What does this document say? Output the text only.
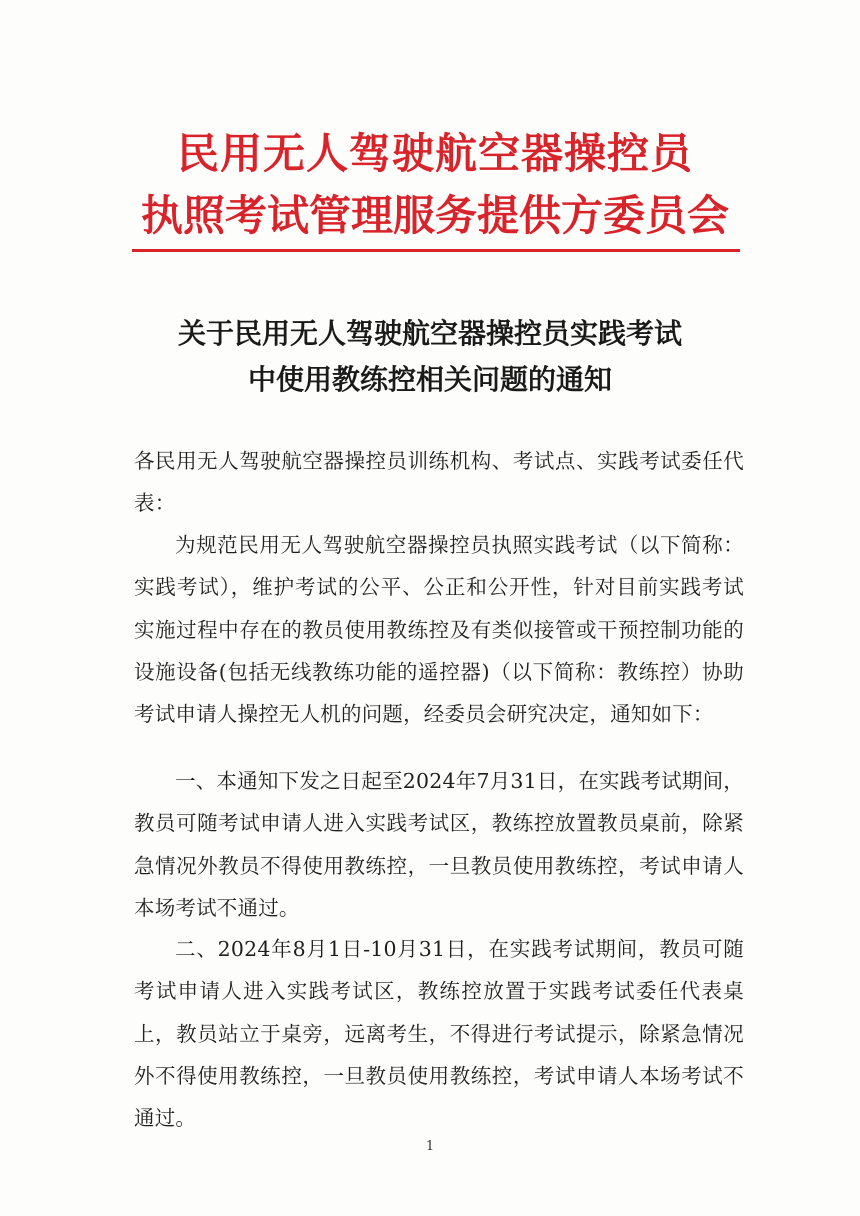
民用无人驾驶航空器操控员
执照考试管理服务提供方委员会
关于民用无人驾驶航空器操控员实践考试
中使用教练控相关问题的通知
各民用无人驾驶航空器操控员训练机构、考试点、实践考试委任代表：
为规范民用无人驾驶航空器操控员执照实践考试（以下简称：实践考试），维护考试的公平、公正和公开性，针对目前实践考试实施过程中存在的教员使用教练控及有类似接管或干预控制功能的设施设备(包括无线教练功能的遥控器)（以下简称：教练控）协助考试申请人操控无人机的问题，经委员会研究决定，通知如下：
一、本通知下发之日起至2024年7月31日，在实践考试期间，教员可随考试申请人进入实践考试区，教练控放置教员桌前，除紧急情况外教员不得使用教练控，一旦教员使用教练控，考试申请人本场考试不通过。
二、2024年8月1日-10月31日，在实践考试期间，教员可随考试申请人进入实践考试区，教练控放置于实践考试委任代表桌上，教员站立于桌旁，远离考生，不得进行考试提示，除紧急情况外不得使用教练控，一旦教员使用教练控，考试申请人本场考试不通过。
1
